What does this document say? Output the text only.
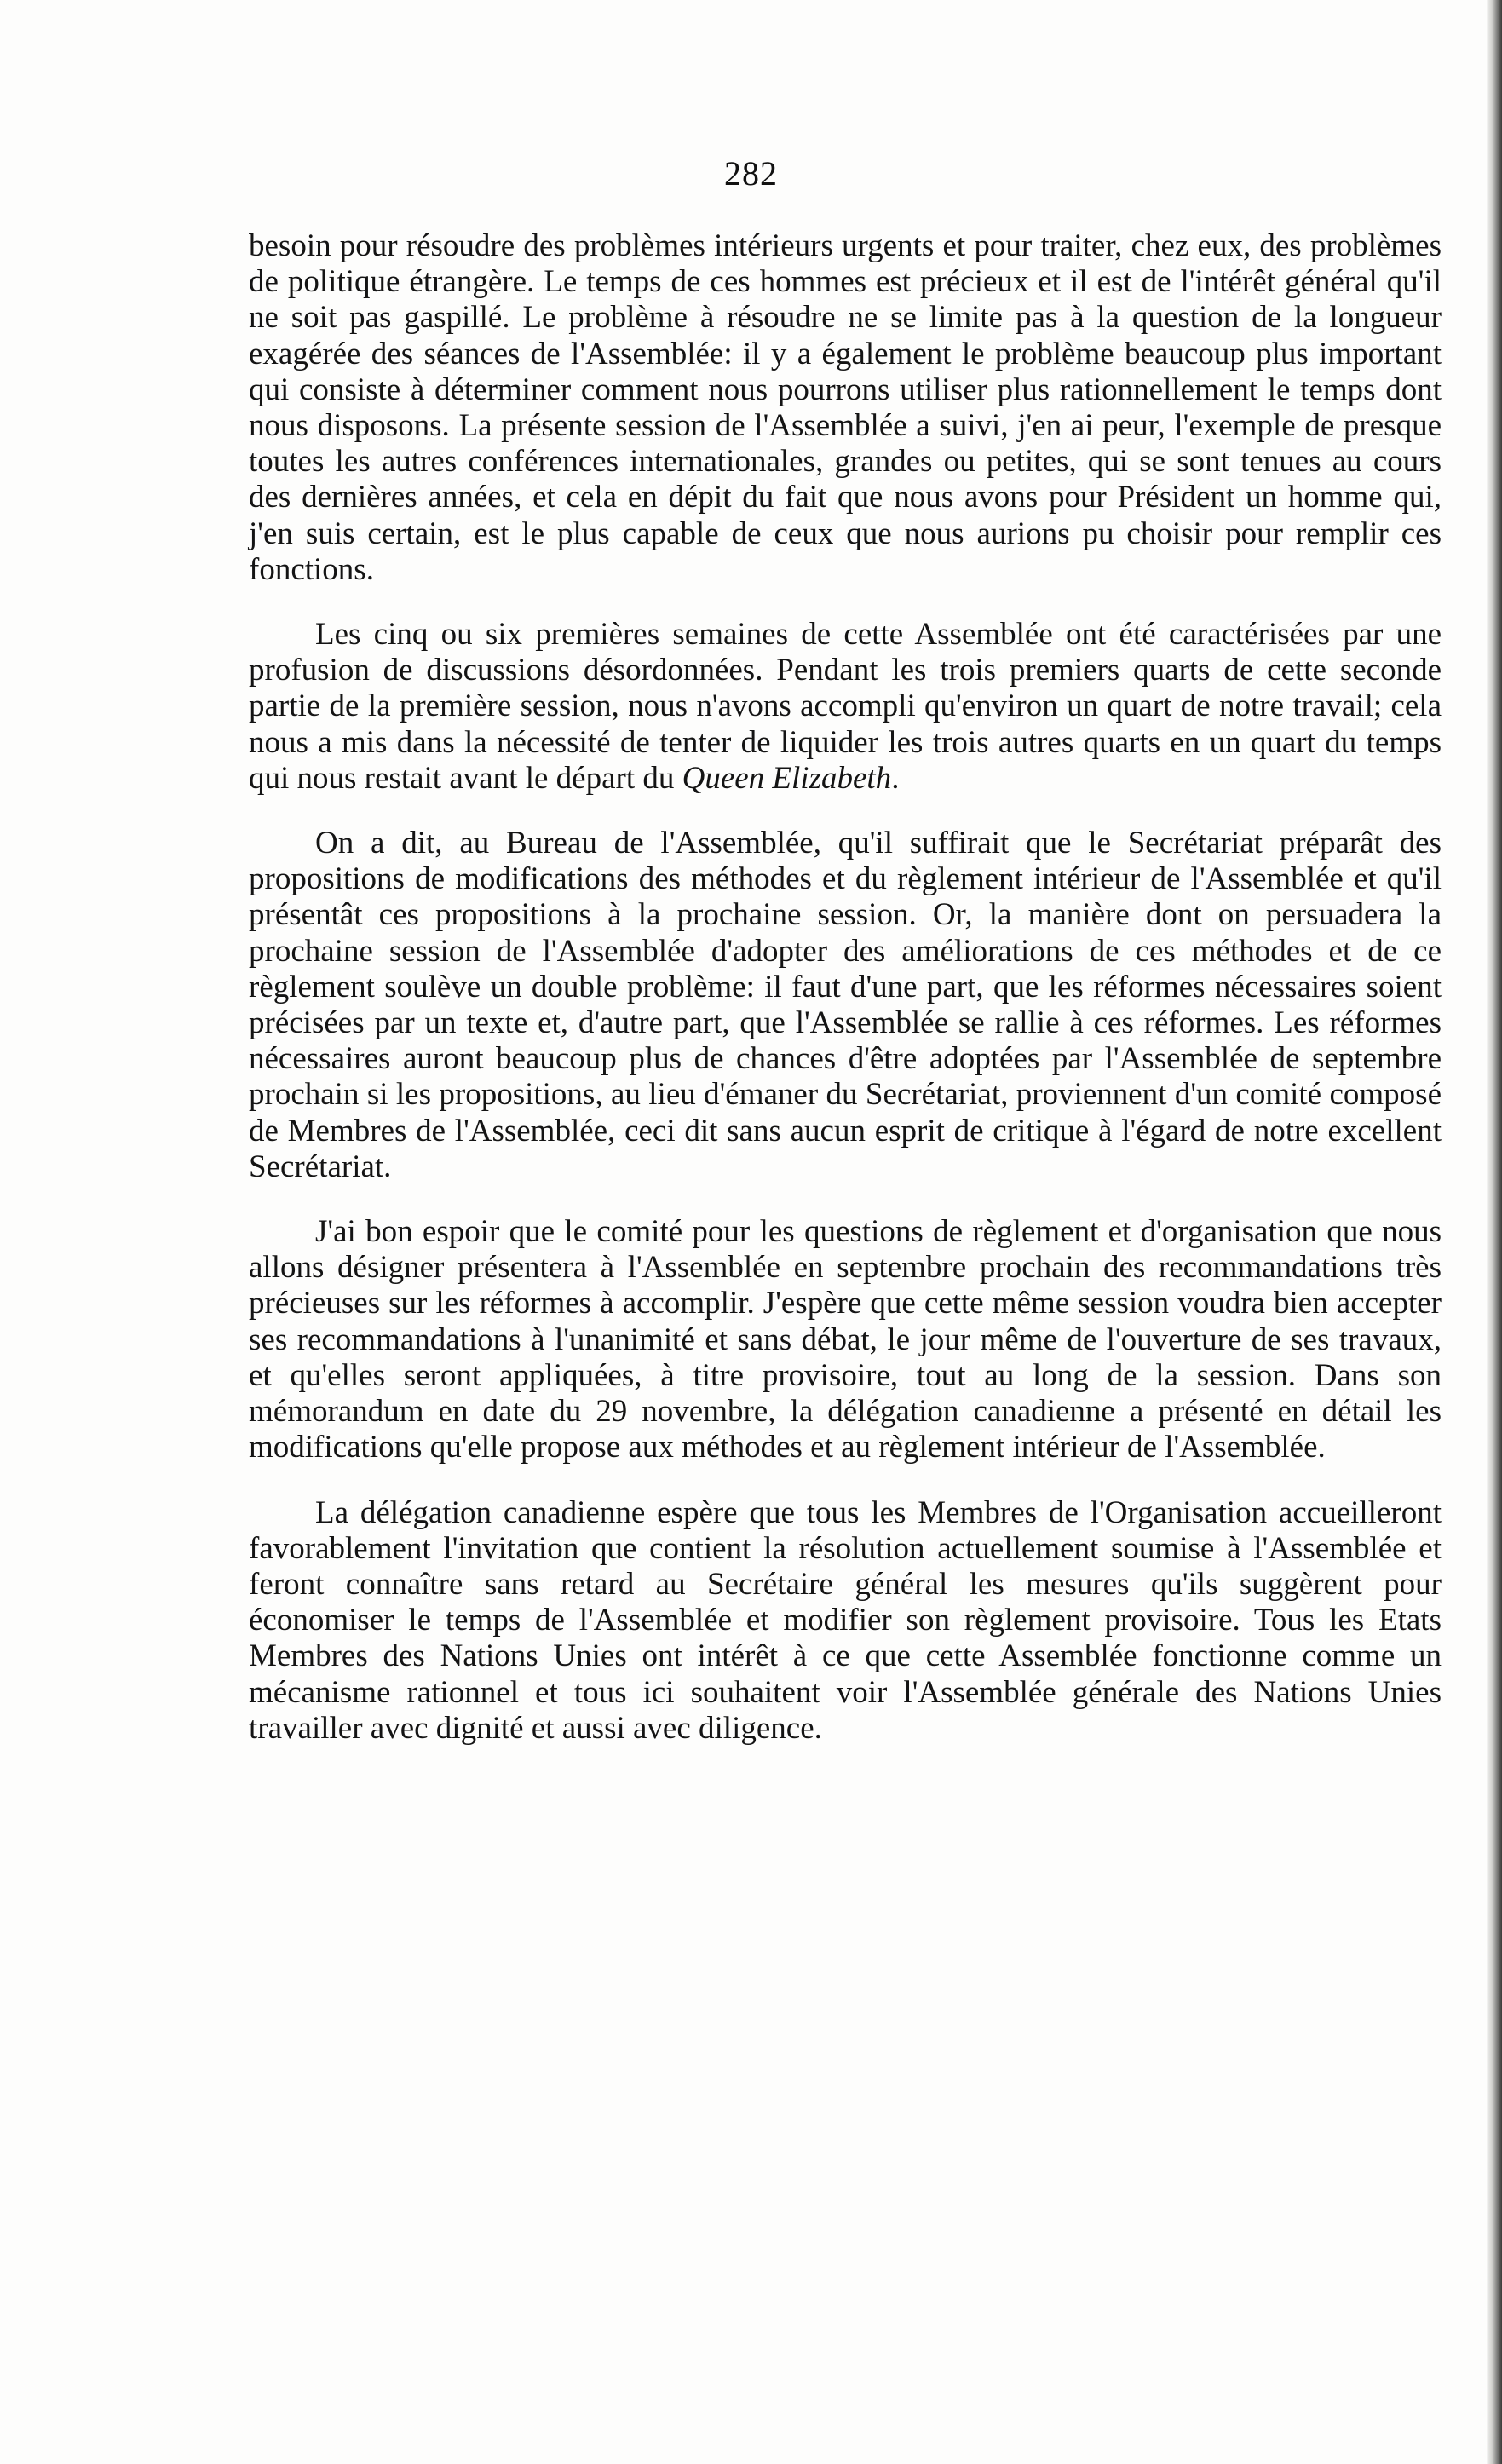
282

besoin pour résoudre des problèmes intérieurs urgents et pour traiter, chez eux, des problèmes de politique étrangère. Le temps de ces hommes est précieux et il est de l'intérêt général qu'il ne soit pas gaspillé. Le problème à résoudre ne se limite pas à la question de la longueur exagérée des séances de l'Assemblée: il y a également le problème beaucoup plus important qui consiste à déterminer comment nous pourrons utiliser plus rationnellement le temps dont nous disposons. La présente session de l'Assemblée a suivi, j'en ai peur, l'exemple de presque toutes les autres conférences internationales, grandes ou petites, qui se sont tenues au cours des dernières années, et cela en dépit du fait que nous avons pour Président un homme qui, j'en suis certain, est le plus capable de ceux que nous aurions pu choisir pour remplir ces fonctions.

Les cinq ou six premières semaines de cette Assemblée ont été caractérisées par une profusion de discussions désordonnées. Pendant les trois premiers quarts de cette seconde partie de la première session, nous n'avons accompli qu'environ un quart de notre travail; cela nous a mis dans la nécessité de tenter de liquider les trois autres quarts en un quart du temps qui nous restait avant le départ du Queen Elizabeth.

On a dit, au Bureau de l'Assemblée, qu'il suffirait que le Secrétariat préparât des propositions de modifications des méthodes et du règlement intérieur de l'Assemblée et qu'il présentât ces propositions à la prochaine session. Or, la manière dont on persuadera la prochaine session de l'Assemblée d'adopter des améliorations de ces méthodes et de ce règlement soulève un double problème: il faut d'une part, que les réformes nécessaires soient précisées par un texte et, d'autre part, que l'Assemblée se rallie à ces réformes. Les réformes nécessaires auront beaucoup plus de chances d'être adoptées par l'Assemblée de septembre prochain si les propositions, au lieu d'émaner du Secrétariat, proviennent d'un comité composé de Membres de l'Assemblée, ceci dit sans aucun esprit de critique à l'égard de notre excellent Secrétariat.

J'ai bon espoir que le comité pour les questions de règlement et d'organisation que nous allons désigner présentera à l'Assemblée en septembre prochain des recommandations très précieuses sur les réformes à accomplir. J'espère que cette même session voudra bien accepter ses recommandations à l'unanimité et sans débat, le jour même de l'ouverture de ses travaux, et qu'elles seront appliquées, à titre provisoire, tout au long de la session. Dans son mémorandum en date du 29 novembre, la délégation canadienne a présenté en détail les modifications qu'elle propose aux méthodes et au règlement intérieur de l'Assemblée.

La délégation canadienne espère que tous les Membres de l'Organisation accueilleront favorablement l'invitation que contient la résolution actuellement soumise à l'Assemblée et feront connaître sans retard au Secrétaire général les mesures qu'ils suggèrent pour économiser le temps de l'Assemblée et modifier son règlement provisoire. Tous les Etats Membres des Nations Unies ont intérêt à ce que cette Assemblée fonctionne comme un mécanisme rationnel et tous ici souhaitent voir l'Assemblée générale des Nations Unies travailler avec dignité et aussi avec diligence.
